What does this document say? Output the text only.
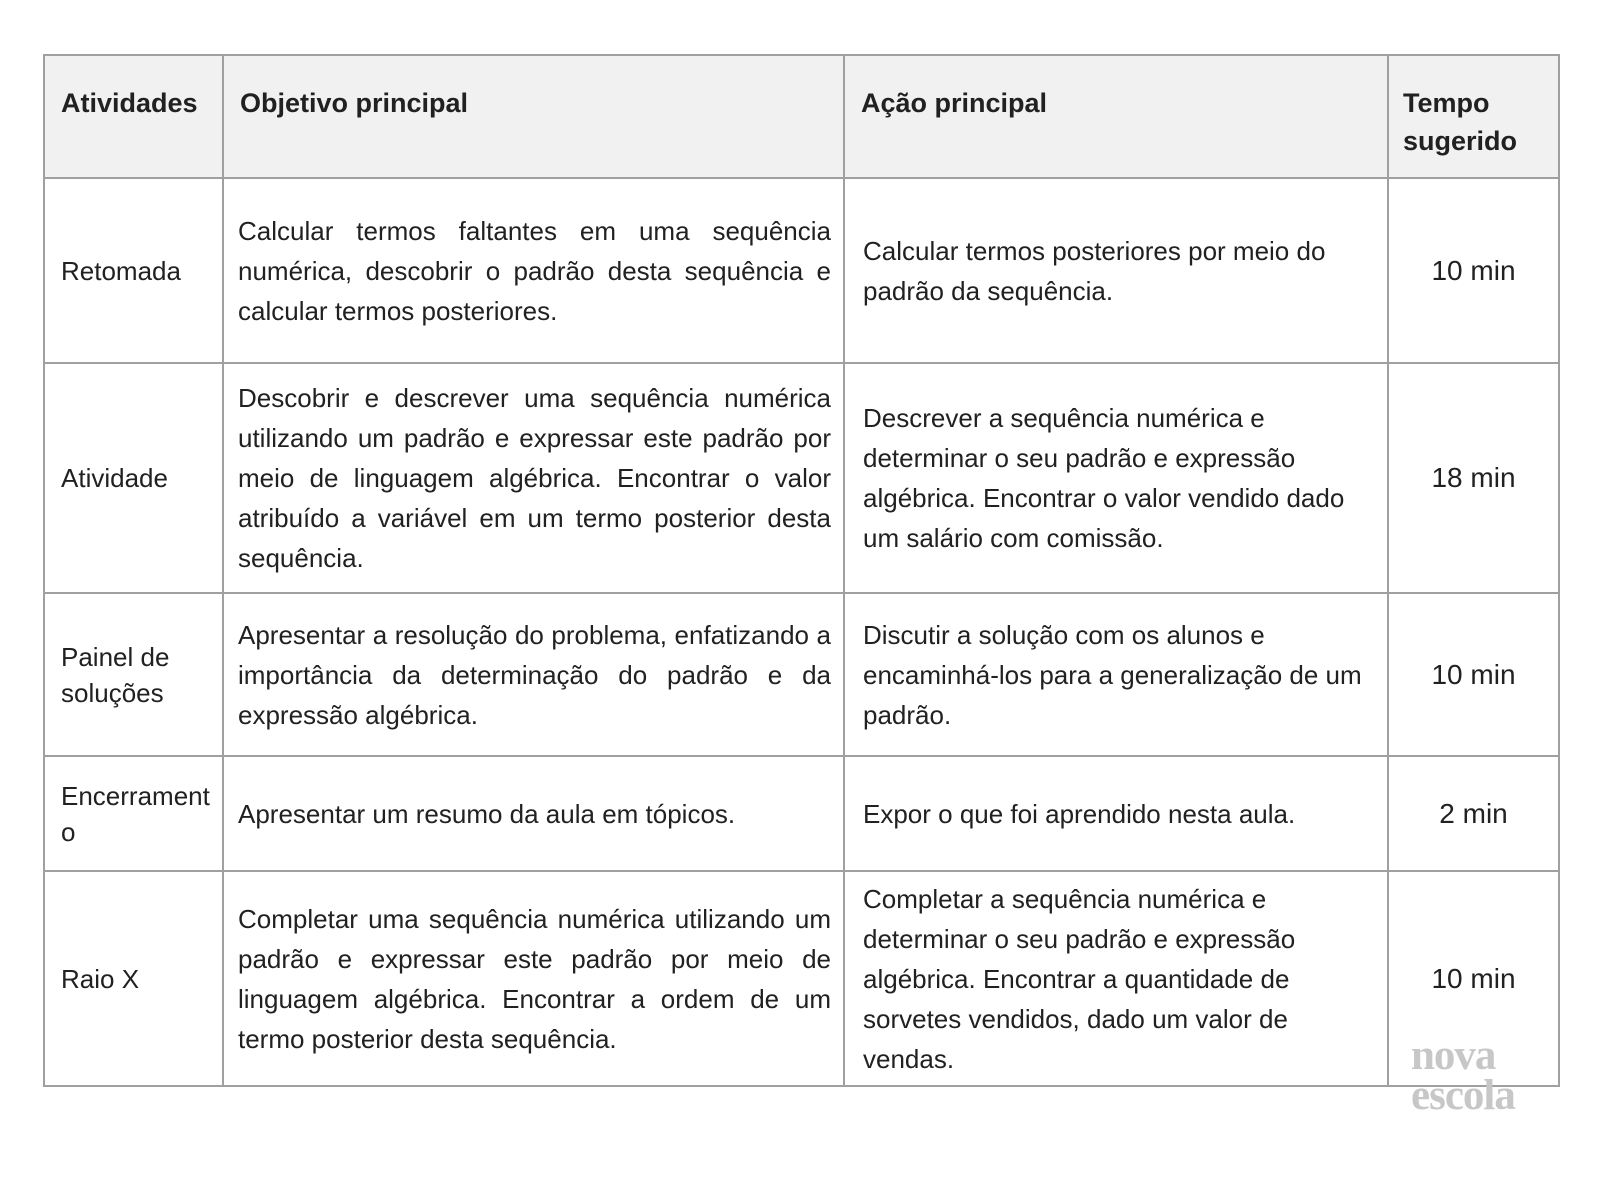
Atividades	Objetivo principal	Ação principal	Tempo sugerido
Retomada	Calcular termos faltantes em uma sequência numérica, descobrir o padrão desta sequência e calcular termos posteriores.	Calcular termos posteriores por meio do padrão da sequência.	10 min
Atividade	Descobrir e descrever uma sequência numérica utilizando um padrão e expressar este padrão por meio de linguagem algébrica. Encontrar o valor atribuído a variável em um termo posterior desta sequência.	Descrever a sequência numérica e determinar o seu padrão e expressão algébrica. Encontrar o valor vendido dado um salário com comissão.	18 min
Painel de soluções	Apresentar a resolução do problema, enfatizando a importância da determinação do padrão e da expressão algébrica.	Discutir a solução com os alunos e encaminhá-los para a generalização de um padrão.	10 min
Encerramento	Apresentar um resumo da aula em tópicos.	Expor o que foi aprendido nesta aula.	2 min
Raio X	Completar uma sequência numérica utilizando um padrão e expressar este padrão por meio de linguagem algébrica. Encontrar a ordem de um termo posterior desta sequência.	Completar a sequência numérica e determinar o seu padrão e expressão algébrica. Encontrar a quantidade de sorvetes vendidos, dado um valor de vendas.	10 min
nova
escola
